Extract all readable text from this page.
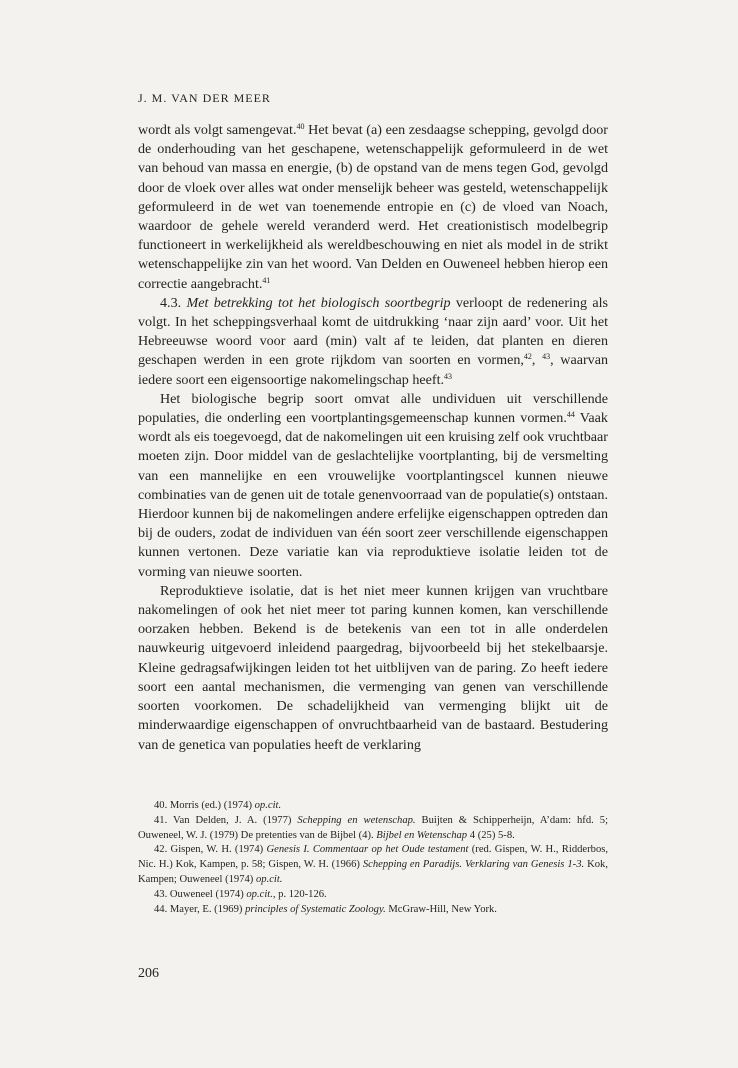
J. M. VAN DER MEER

wordt als volgt samengevat.$^{40}$ Het bevat (a) een zesdaagse schepping, gevolgd door de onderhouding van het geschapene, wetenschappelijk geformuleerd in de wet van behoud van massa en energie, (b) de opstand van de mens tegen God, gevolgd door de vloek over alles wat onder menselijk beheer was gesteld, wetenschappelijk geformuleerd in de wet van toenemende entropie en (c) de vloed van Noach, waardoor de gehele wereld veranderd werd. Het creationistisch modelbegrip functioneert in werkelijkheid als wereldbeschouwing en niet als model in de strikt wetenschappelijke zin van het woord. Van Delden en Ouweneel hebben hierop een correctie aangebracht.$^{41}$

4.3. Met betrekking tot het biologisch soortbegrip verloopt de redenering als volgt. In het scheppingsverhaal komt de uitdrukking ‘naar zijn aard’ voor. Uit het Hebreeuwse woord voor aard (min) valt af te leiden, dat planten en dieren geschapen werden in een grote rijkdom van soorten en vormen,$^{42}$, $^{43}$, waarvan iedere soort een eigensoortige nakomelingschap heeft.$^{43}$

Het biologische begrip soort omvat alle undividuen uit verschillende populaties, die onderling een voortplantingsgemeenschap kunnen vormen.$^{44}$ Vaak wordt als eis toegevoegd, dat de nakomelingen uit een kruising zelf ook vruchtbaar moeten zijn. Door middel van de geslachtelijke voortplanting, bij de versmelting van een mannelijke en een vrouwelijke voortplantingscel kunnen nieuwe combinaties van de genen uit de totale genenvoorraad van de populatie(s) ontstaan. Hierdoor kunnen bij de nakomelingen andere erfelijke eigenschappen optreden dan bij de ouders, zodat de individuen van één soort zeer verschillende eigenschappen kunnen vertonen. Deze variatie kan via reproduktieve isolatie leiden tot de vorming van nieuwe soorten.

Reproduktieve isolatie, dat is het niet meer kunnen krijgen van vruchtbare nakomelingen of ook het niet meer tot paring kunnen komen, kan verschillende oorzaken hebben. Bekend is de betekenis van een tot in alle onderdelen nauwkeurig uitgevoerd inleidend paargedrag, bijvoorbeeld bij het stekelbaarsje. Kleine gedragsafwijkingen leiden tot het uitblijven van de paring. Zo heeft iedere soort een aantal mechanismen, die vermenging van genen van verschillende soorten voorkomen. De schadelijkheid van vermenging blijkt uit de minderwaardige eigenschappen of onvruchtbaarheid van de bastaard. Bestudering van de genetica van populaties heeft de verklaring

40. Morris (ed.) (1974) op.cit.
41. Van Delden, J. A. (1977) Schepping en wetenschap. Buijten & Schipperheijn, A’dam: hfd. 5; Ouweneel, W. J. (1979) De pretenties van de Bijbel (4). Bijbel en Wetenschap 4 (25) 5-8.
42. Gispen, W. H. (1974) Genesis I. Commentaar op het Oude testament (red. Gispen, W. H., Ridderbos, Nic. H.) Kok, Kampen, p. 58; Gispen, W. H. (1966) Schepping en Paradijs. Verklaring van Genesis 1-3. Kok, Kampen; Ouweneel (1974) op.cit.
43. Ouweneel (1974) op.cit., p. 120-126.
44. Mayer, E. (1969) principles of Systematic Zoology. McGraw-Hill, New York.
206
